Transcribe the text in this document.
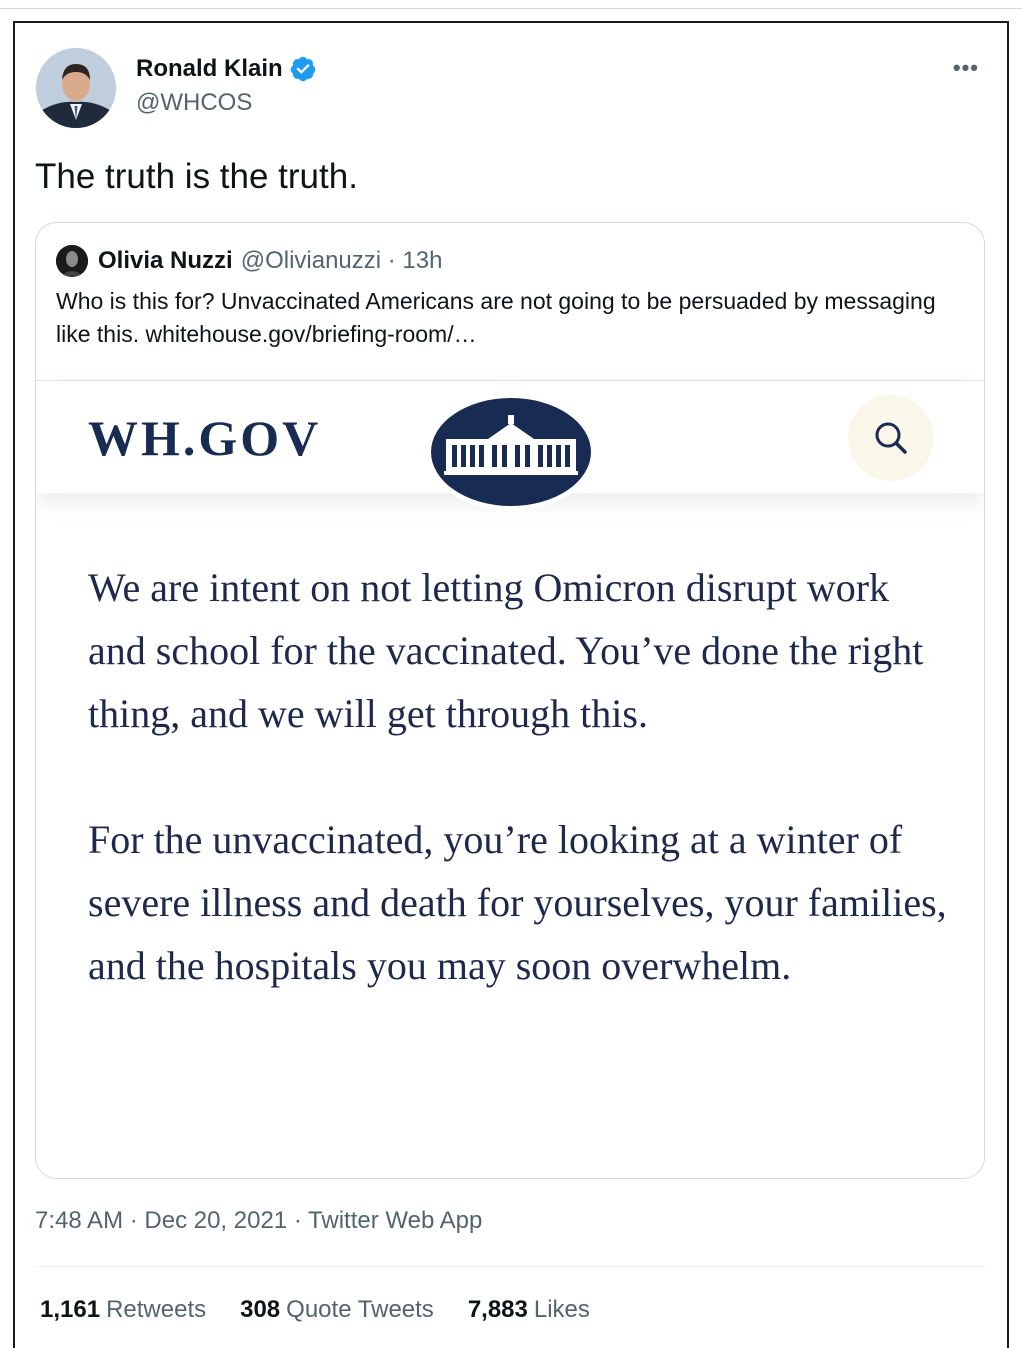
Ronald Klain
@WHCOS
•••
The truth is the truth.
Olivia Nuzzi @Olivianuzzi · 13h
Who is this for? Unvaccinated Americans are not going to be persuaded by messaging like this. whitehouse.gov/briefing-room/…
WH.GOV

We are intent on not letting Omicron disrupt work and school for the vaccinated. You’ve done the right thing, and we will get through this.

For the unvaccinated, you’re looking at a winter of severe illness and death for yourselves, your families, and the hospitals you may soon overwhelm.

7:48 AM · Dec 20, 2021 · Twitter Web App
1,161 Retweets 308 Quote Tweets 7,883 Likes
